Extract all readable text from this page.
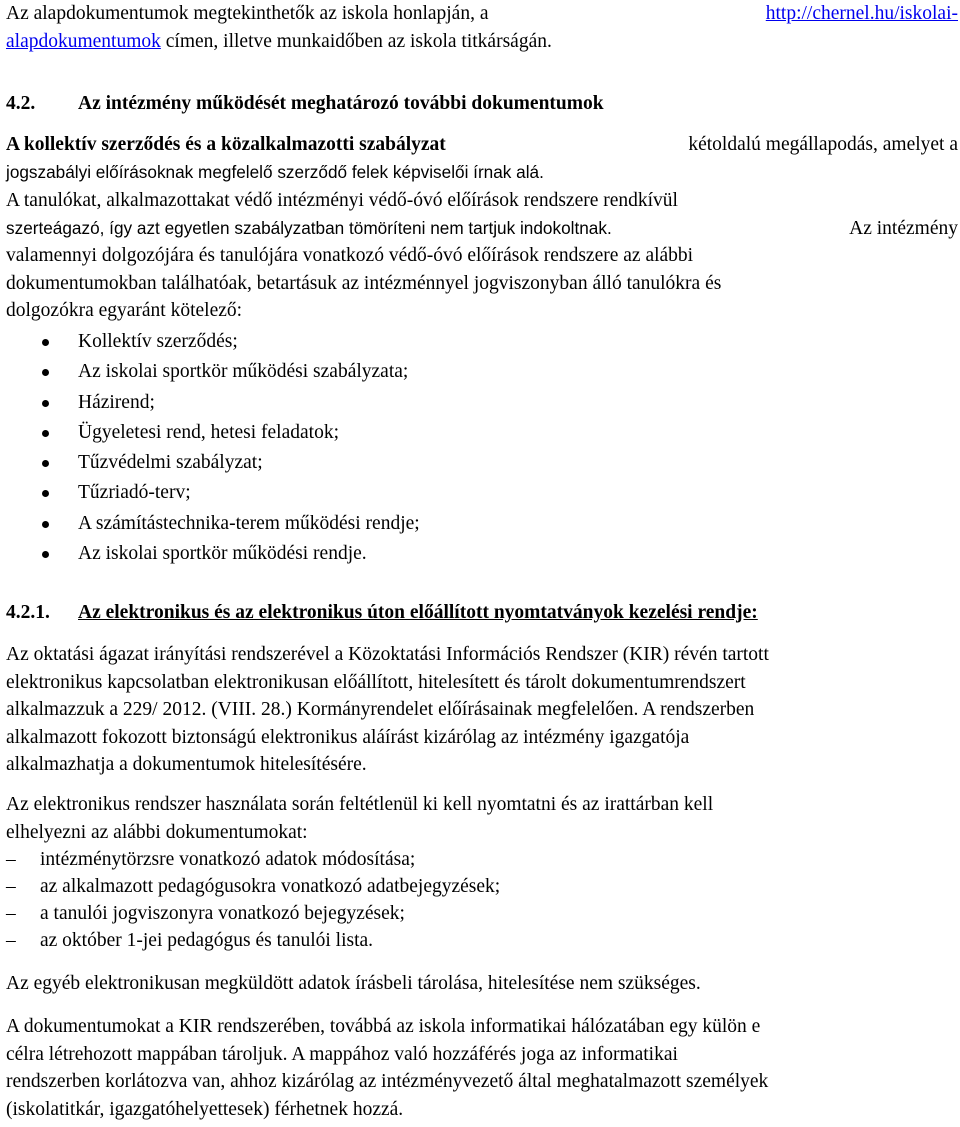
Az alapdokumentumok megtekinthetők az iskola honlapján, a	http://chernel.hu/iskolai-
alapdokumentumok címen, illetve munkaidőben az iskola titkárságán.
4.2. Az intézmény működését meghatározó további dokumentumok
A kollektív szerződés és a közalkalmazotti szabályzat	kétoldalú megállapodás, amelyet a
jogszabályi előírásoknak megfelelő szerződő felek képviselői írnak alá.
A tanulókat, alkalmazottakat védő intézményi védő-óvó előírások rendszere rendkívül
szerteágazó, így azt egyetlen szabályzatban tömöríteni nem tartjuk indokoltnak.	Az intézmény
valamennyi dolgozójára és tanulójára vonatkozó védő-óvó előírások rendszere az alábbi
dokumentumokban találhatóak, betartásuk az intézménnyel jogviszonyban álló tanulókra és
dolgozókra egyaránt kötelező:
Kollektív szerződés;
Az iskolai sportkör működési szabályzata;
Házirend;
Ügyeletesi rend, hetesi feladatok;
Tűzvédelmi szabályzat;
Tűzriadó-terv;
A számítástechnika-terem működési rendje;
Az iskolai sportkör működési rendje.
4.2.1. Az elektronikus és az elektronikus úton előállított nyomtatványok kezelési rendje:
Az oktatási ágazat irányítási rendszerével a Közoktatási Információs Rendszer (KIR) révén tartott
elektronikus kapcsolatban elektronikusan előállított, hitelesített és tárolt dokumentumrendszert
alkalmazzuk a 229/ 2012. (VIII. 28.) Kormányrendelet előírásainak megfelelően. A rendszerben
alkalmazott fokozott biztonságú elektronikus aláírást kizárólag az intézmény igazgatója
alkalmazhatja a dokumentumok hitelesítésére.
Az elektronikus rendszer használata során feltétlenül ki kell nyomtatni és az irattárban kell
elhelyezni az alábbi dokumentumokat:
– intézménytörzsre vonatkozó adatok módosítása;
– az alkalmazott pedagógusokra vonatkozó adatbejegyzések;
– a tanulói jogviszonyra vonatkozó bejegyzések;
– az október 1-jei pedagógus és tanulói lista.
Az egyéb elektronikusan megküldött adatok írásbeli tárolása, hitelesítése nem szükséges.
A dokumentumokat a KIR rendszerében, továbbá az iskola informatikai hálózatában egy külön e
célra létrehozott mappában tároljuk. A mappához való hozzáférés joga az informatikai
rendszerben korlátozva van, ahhoz kizárólag az intézményvezető által meghatalmazott személyek
(iskolatitkár, igazgatóhelyettesek) férhetnek hozzá.
